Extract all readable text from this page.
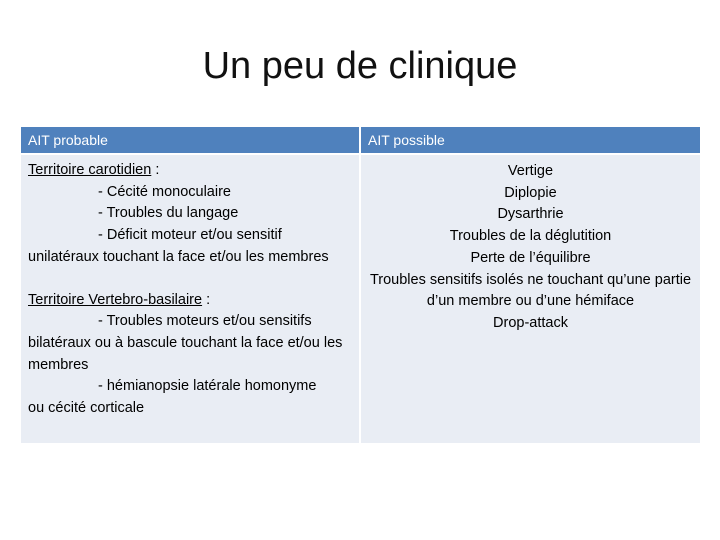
Un peu de clinique
AIT probable	AIT possible
Territoire carotidien :
- Cécité monoculaire
- Troubles du langage
- Déficit moteur et/ou sensitif
unilatéraux touchant la face et/ou les membres
Territoire Vertebro-basilaire :
- Troubles moteurs et/ou sensitifs
bilatéraux ou à bascule touchant la face et/ou les membres
- hémianopsie latérale homonyme
ou cécité corticale
Vertige
Diplopie
Dysarthrie
Troubles de la déglutition
Perte de l’équilibre
Troubles sensitifs isolés ne touchant qu’une partie d’un membre ou d’une hémiface
Drop-attack
